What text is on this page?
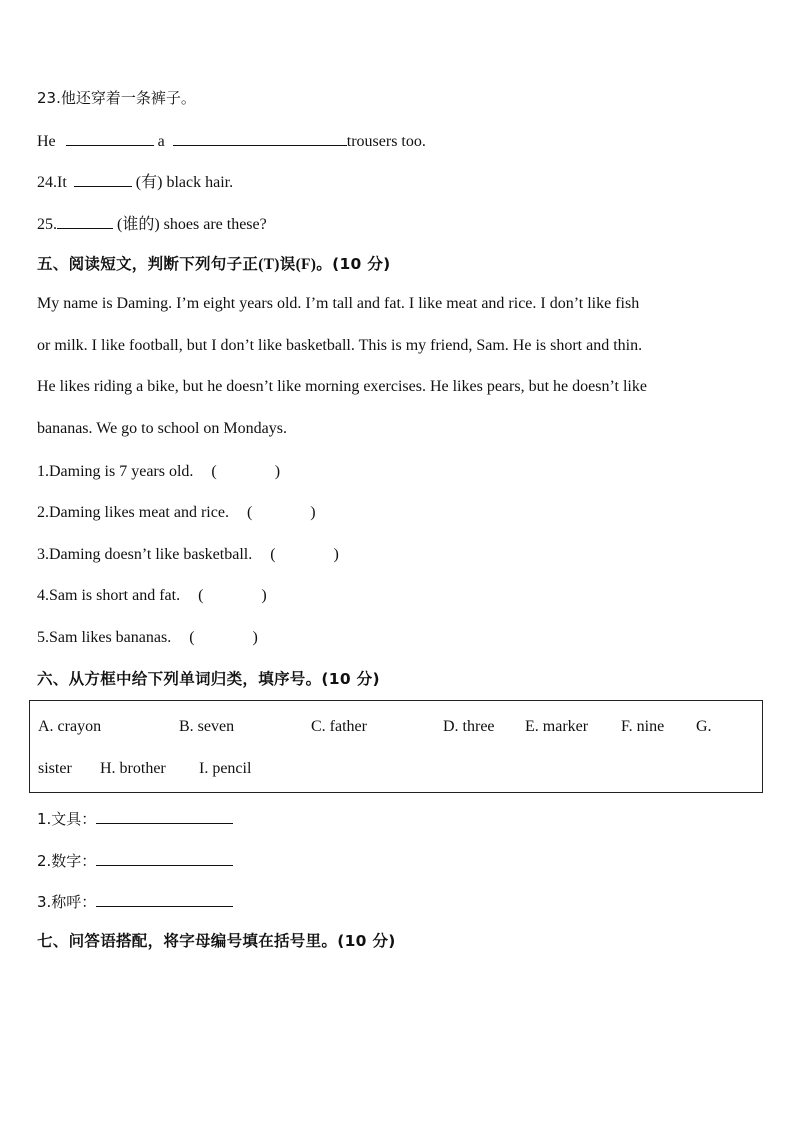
23.他还穿着一条裤子。
He	a	trousers too.
24.It	(有) black hair.
25.	(谁的) shoes are these?
五、阅读短文，判断下列句子正(T)误(F)。(10 分)
My name is Daming. I’m eight years old. I’m tall and fat. I like meat and rice. I don’t like fish
or milk. I like football, but I don’t like basketball. This is my friend, Sam. He is short and thin.
He likes riding a bike, but he doesn’t like morning exercises. He likes pears, but he doesn’t like
bananas. We go to school on Mondays.
1.Daming is 7 years old. (	)
2.Daming likes meat and rice. (	)
3.Daming doesn’t like basketball. (	)
4.Sam is short and fat. (	)
5.Sam likes bananas. (	)
六、从方框中给下列单词归类，填序号。(10 分)
A. crayon	B. seven	C. father	D. three E. marker F. nine G.
sister H. brother I. pencil
1.文具：
2.数字：
3.称呼：
七、问答语搭配，将字母编号填在括号里。(10 分)
